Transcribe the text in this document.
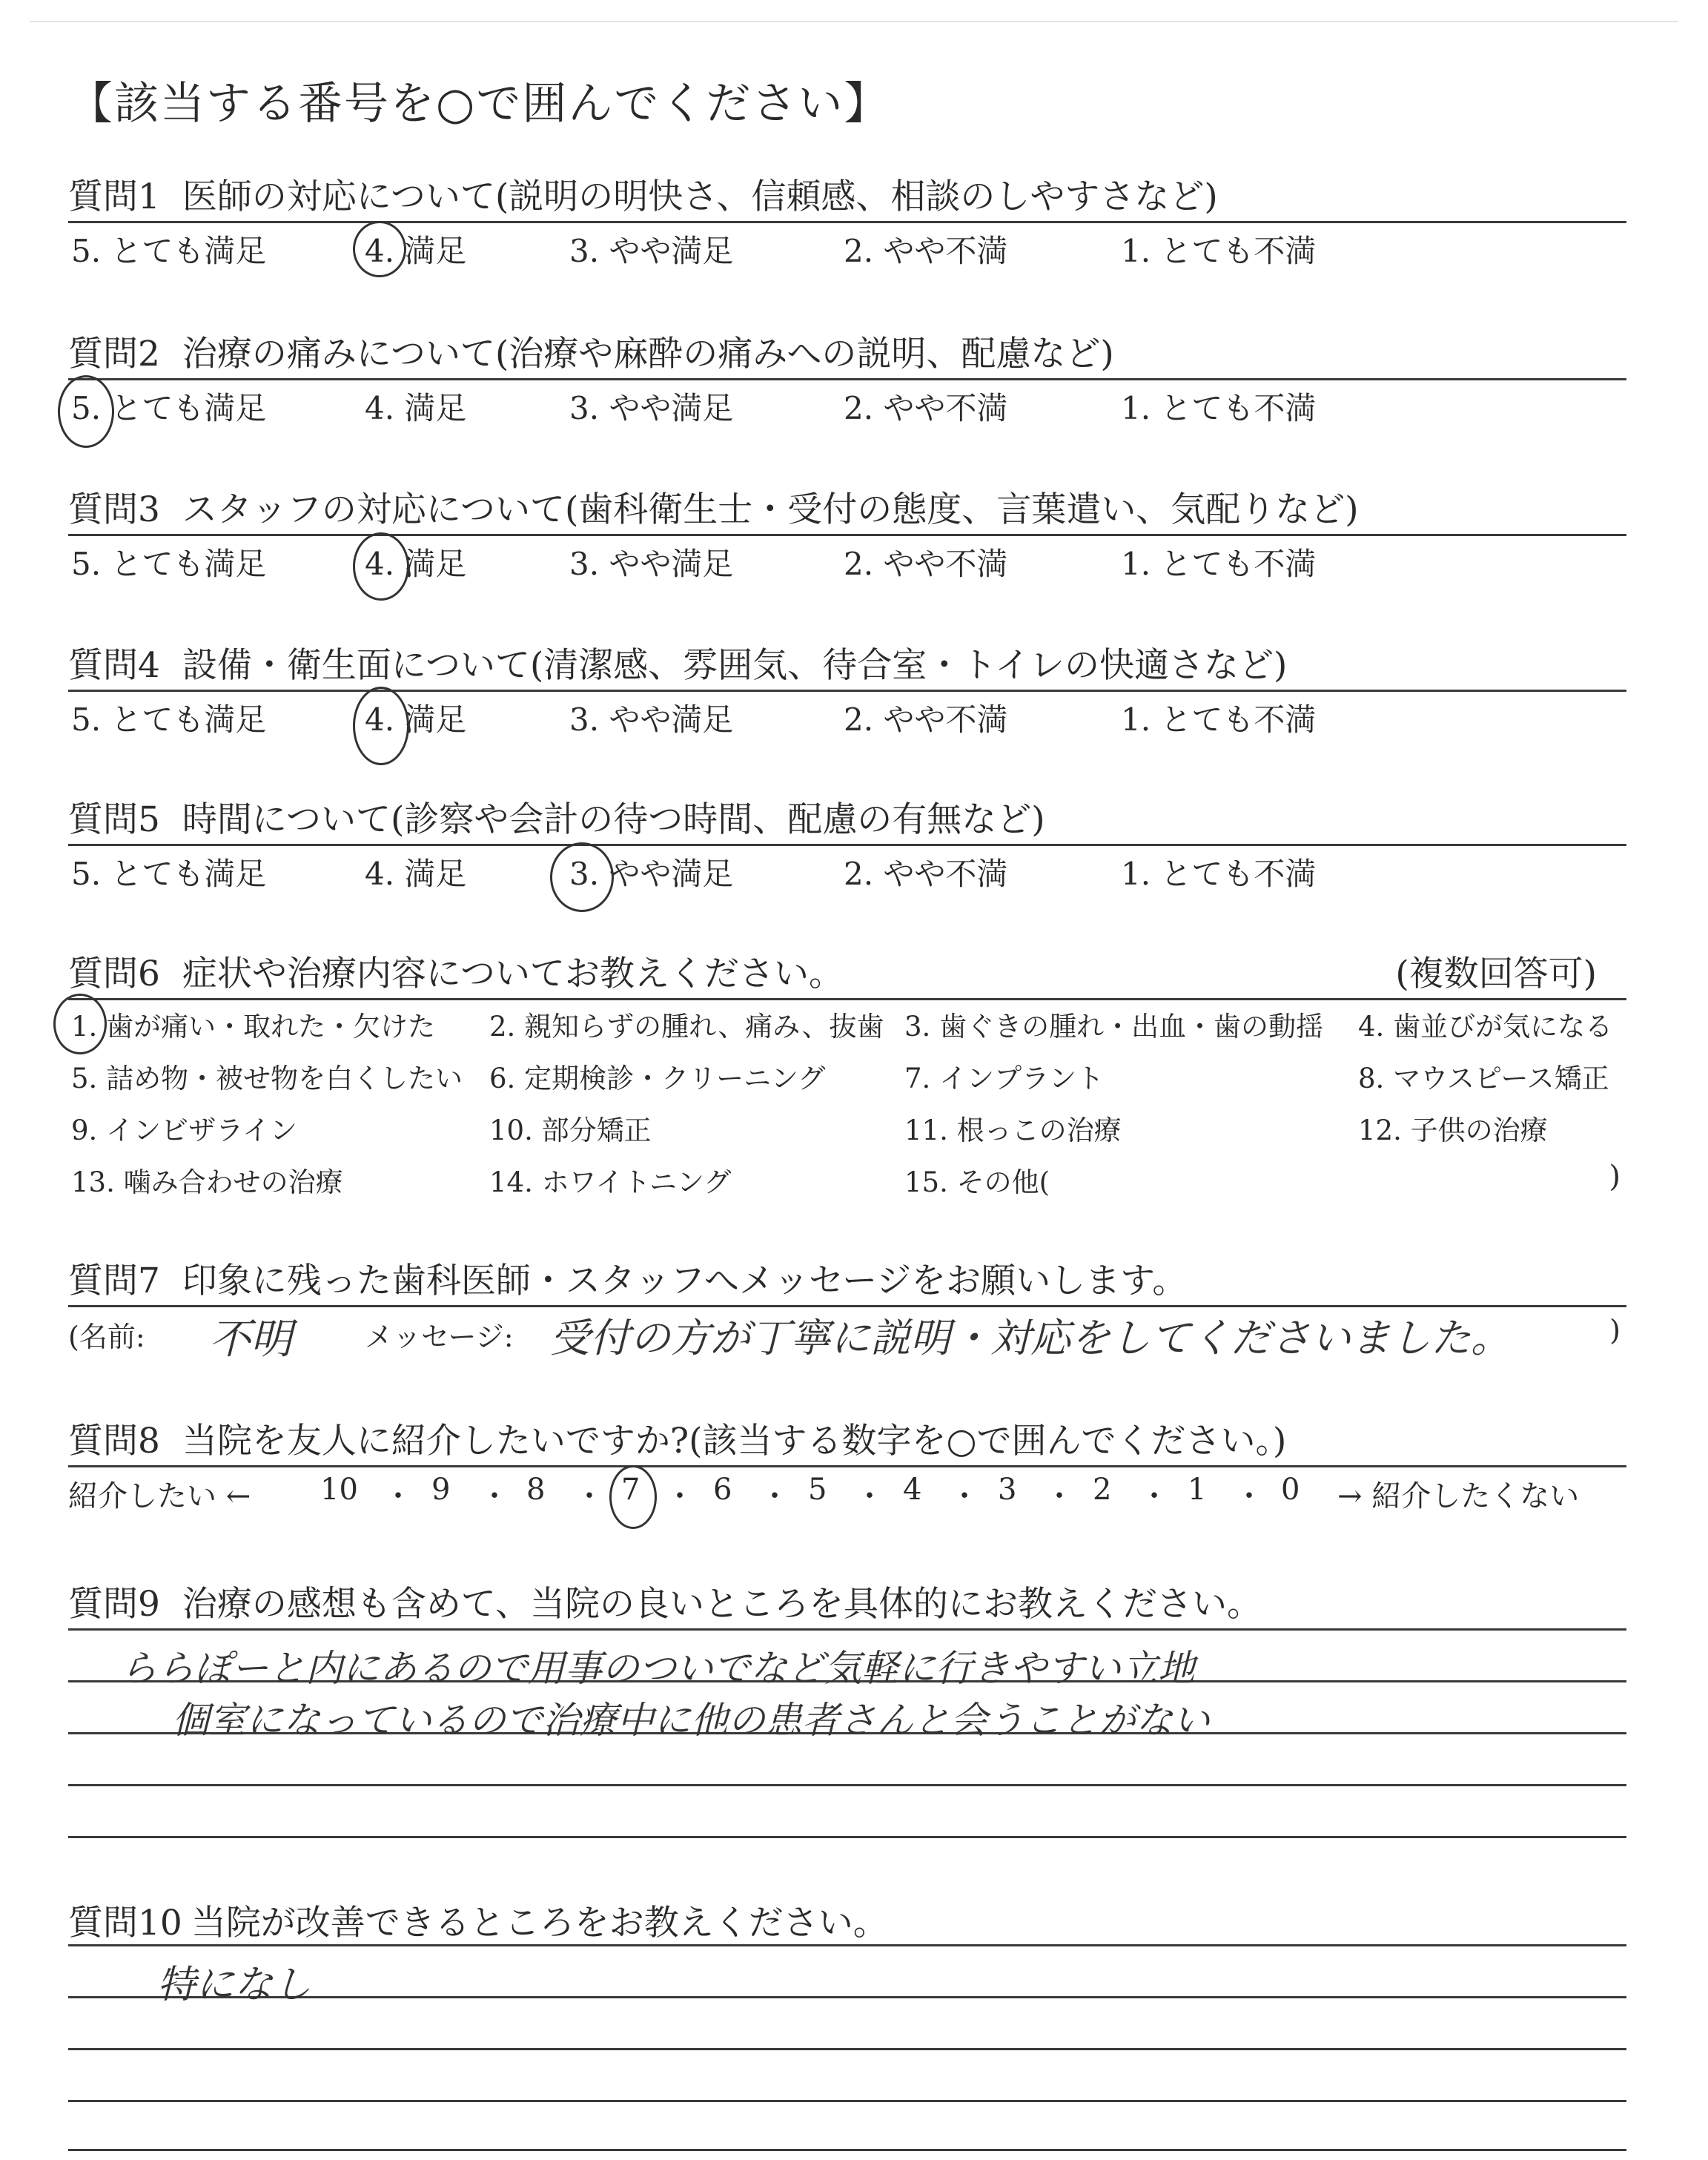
【該当する番号を○で囲んでください】
質問1 医師の対応について(説明の明快さ、信頼感、相談のしやすさなど)
5. とても満足	4. 満足	3. やや満足	2. やや不満	1. とても不満
質問2 治療の痛みについて(治療や麻酔の痛みへの説明、配慮など)
5. とても満足	4. 満足	3. やや満足	2. やや不満	1. とても不満
質問3 スタッフの対応について(歯科衛生士・受付の態度、言葉遣い、気配りなど)
5. とても満足	4. 満足	3. やや満足	2. やや不満	1. とても不満
質問4 設備・衛生面について(清潔感、雰囲気、待合室・トイレの快適さなど)
5. とても満足	4. 満足	3. やや満足	2. やや不満	1. とても不満
質問5 時間について(診察や会計の待つ時間、配慮の有無など)
5. とても満足	4. 満足	3. やや満足	2. やや不満	1. とても不満
質問6 症状や治療内容についてお教えください。	(複数回答可)
1. 歯が痛い・取れた・欠けた 2. 親知らずの腫れ、痛み、抜歯 3. 歯ぐきの腫れ・出血・歯の動揺 4. 歯並びが気になる
5. 詰め物・被せ物を白くしたい 6. 定期検診・クリーニング	7. インプラント	8. マウスピース矯正
9. インビザライン	10. 部分矯正	11. 根っこの治療	12. 子供の治療
13. 噛み合わせの治療	14. ホワイトニング	15. その他(	)
質問7 印象に残った歯科医師・スタッフへメッセージをお願いします。
(名前: 不明	メッセージ: 受付の方が丁寧に説明・対応をしてくださいました。	)
質問8 当院を友人に紹介したいですか?(該当する数字を○で囲んでください。)
紹介したい ← 10 ・ 9 ・ 8 ・ 7 ・ 6 ・ 5 ・ 4 ・ 3 ・ 2 ・ 1 ・ 0 → 紹介したくない
質問9 治療の感想も含めて、当院の良いところを具体的にお教えください。
ららぽーと内にあるので用事のついでなど気軽に行きやすい立地
個室になっているので治療中に他の患者さんと会うことがない
質問10 当院が改善できるところをお教えください。
特になし
